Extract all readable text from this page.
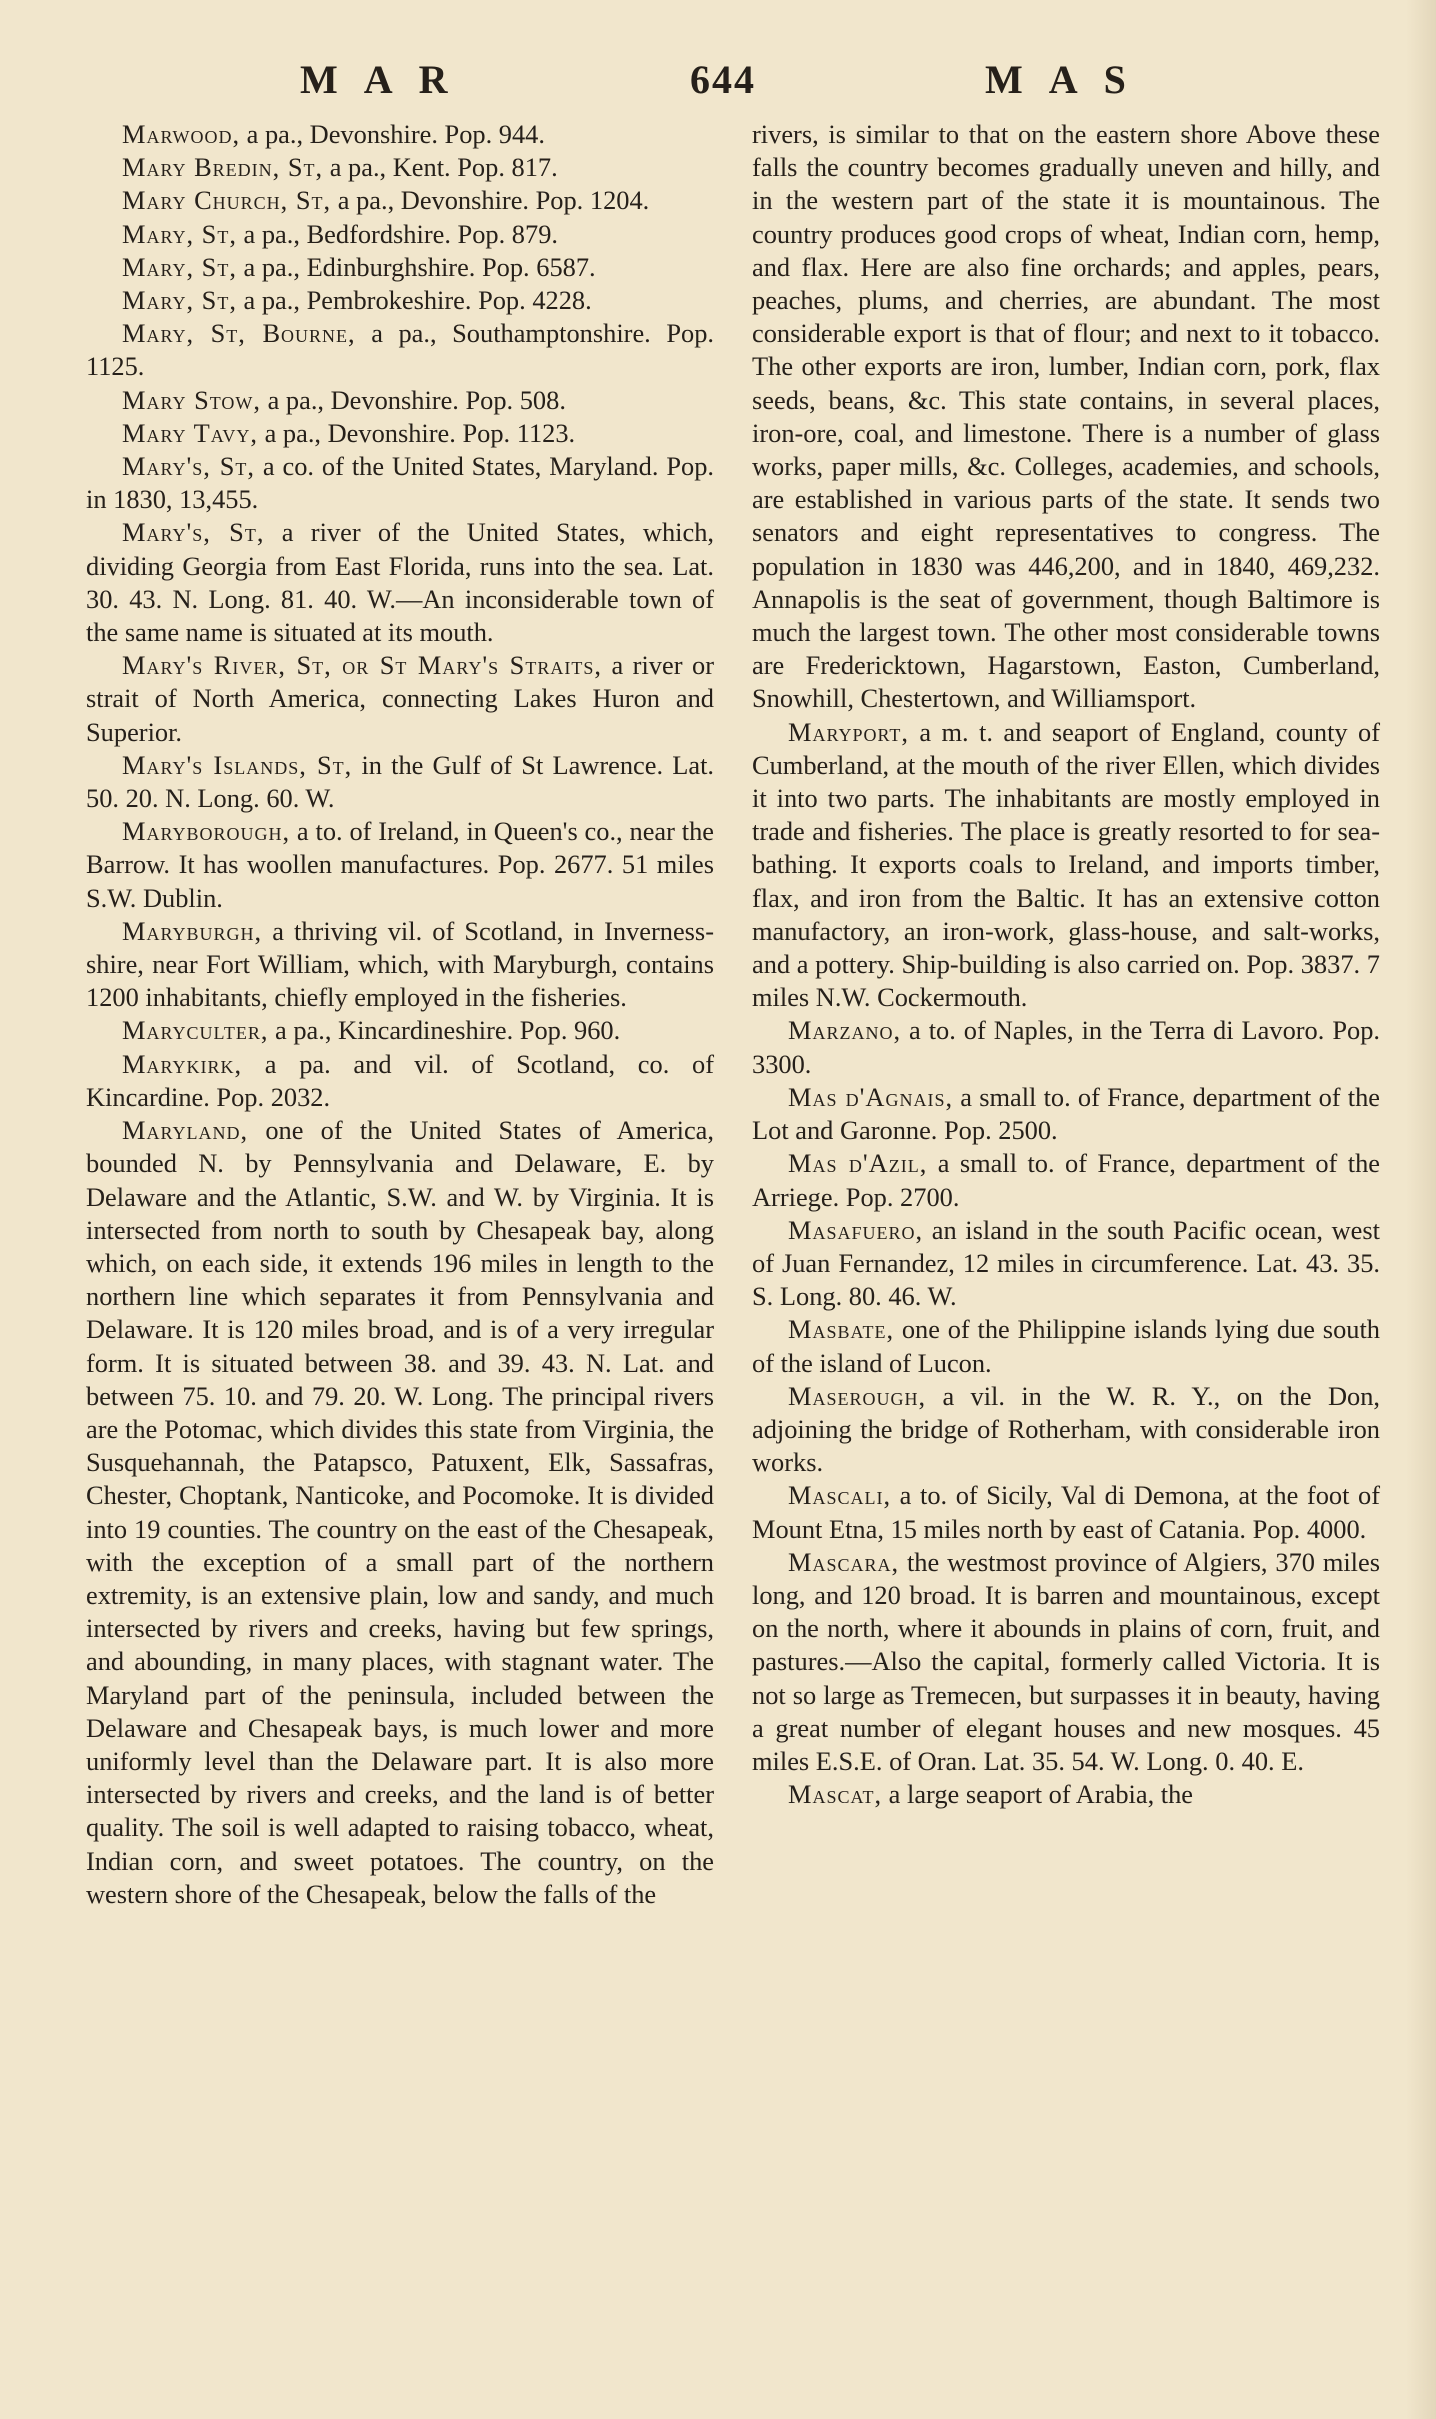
MAR	644	MAS

Marwood, a pa., Devonshire. Pop. 944.

Mary Bredin, St, a pa., Kent. Pop. 817.

Mary Church, St, a pa., Devonshire. Pop. 1204.

Mary, St, a pa., Bedfordshire. Pop. 879.

Mary, St, a pa., Edinburghshire. Pop. 6587.

Mary, St, a pa., Pembrokeshire. Pop. 4228.

Mary, St, Bourne, a pa., Southamptonshire. Pop. 1125.

Mary Stow, a pa., Devonshire. Pop. 508.

Mary Tavy, a pa., Devonshire. Pop. 1123.

Mary's, St, a co. of the United States, Maryland. Pop. in 1830, 13,455.

Mary's, St, a river of the United States, which, dividing Georgia from East Florida, runs into the sea. Lat. 30. 43. N. Long. 81. 40. W.—An inconsiderable town of the same name is situated at its mouth.

Mary's River, St, or St Mary's Straits, a river or strait of North America, connecting Lakes Huron and Superior.

Mary's Islands, St, in the Gulf of St Lawrence. Lat. 50. 20. N. Long. 60. W.

Maryborough, a to. of Ireland, in Queen's co., near the Barrow. It has woollen manufactures. Pop. 2677. 51 miles S.W. Dublin.

Maryburgh, a thriving vil. of Scotland, in Inverness-shire, near Fort William, which, with Maryburgh, contains 1200 inhabitants, chiefly employed in the fisheries.

Maryculter, a pa., Kincardineshire. Pop. 960.

Marykirk, a pa. and vil. of Scotland, co. of Kincardine. Pop. 2032.

Maryland, one of the United States of America, bounded N. by Pennsylvania and Delaware, E. by Delaware and the Atlantic, S.W. and W. by Virginia. It is intersected from north to south by Chesapeak bay, along which, on each side, it extends 196 miles in length to the northern line which separates it from Pennsylvania and Delaware. It is 120 miles broad, and is of a very irregular form. It is situated between 38. and 39. 43. N. Lat. and between 75. 10. and 79. 20. W. Long. The principal rivers are the Potomac, which divides this state from Virginia, the Susquehannah, the Patapsco, Patuxent, Elk, Sassafras, Chester, Choptank, Nanticoke, and Pocomoke. It is divided into 19 counties. The country on the east of the Chesapeak, with the exception of a small part of the northern extremity, is an extensive plain, low and sandy, and much intersected by rivers and creeks, having but few springs, and abounding, in many places, with stagnant water. The Maryland part of the peninsula, included between the Delaware and Chesapeak bays, is much lower and more uniformly level than the Delaware part. It is also more intersected by rivers and creeks, and the land is of better quality. The soil is well adapted to raising tobacco, wheat, Indian corn, and sweet potatoes. The country, on the western shore of the Chesapeak, below the falls of the

rivers, is similar to that on the eastern shore Above these falls the country becomes gradually uneven and hilly, and in the western part of the state it is mountainous. The country produces good crops of wheat, Indian corn, hemp, and flax. Here are also fine orchards; and apples, pears, peaches, plums, and cherries, are abundant. The most considerable export is that of flour; and next to it tobacco. The other exports are iron, lumber, Indian corn, pork, flax seeds, beans, &c. This state contains, in several places, iron-ore, coal, and limestone. There is a number of glass works, paper mills, &c. Colleges, academies, and schools, are established in various parts of the state. It sends two senators and eight representatives to congress. The population in 1830 was 446,200, and in 1840, 469,232. Annapolis is the seat of government, though Baltimore is much the largest town. The other most considerable towns are Fredericktown, Hagarstown, Easton, Cumberland, Snowhill, Chestertown, and Williamsport.

Maryport, a m. t. and seaport of England, county of Cumberland, at the mouth of the river Ellen, which divides it into two parts. The inhabitants are mostly employed in trade and fisheries. The place is greatly resorted to for sea-bathing. It exports coals to Ireland, and imports timber, flax, and iron from the Baltic. It has an extensive cotton manufactory, an iron-work, glass-house, and salt-works, and a pottery. Ship-building is also carried on. Pop. 3837. 7 miles N.W. Cockermouth.

Marzano, a to. of Naples, in the Terra di Lavoro. Pop. 3300.

Mas d'Agnais, a small to. of France, department of the Lot and Garonne. Pop. 2500.

Mas d'Azil, a small to. of France, department of the Arriege. Pop. 2700.

Masafuero, an island in the south Pacific ocean, west of Juan Fernandez, 12 miles in circumference. Lat. 43. 35. S. Long. 80. 46. W.

Masbate, one of the Philippine islands lying due south of the island of Lucon.

Maserough, a vil. in the W. R. Y., on the Don, adjoining the bridge of Rotherham, with considerable iron works.

Mascali, a to. of Sicily, Val di Demona, at the foot of Mount Etna, 15 miles north by east of Catania. Pop. 4000.

Mascara, the westmost province of Algiers, 370 miles long, and 120 broad. It is barren and mountainous, except on the north, where it abounds in plains of corn, fruit, and pastures.—Also the capital, formerly called Victoria. It is not so large as Tremecen, but surpasses it in beauty, having a great number of elegant houses and new mosques. 45 miles E.S.E. of Oran. Lat. 35. 54. W. Long. 0. 40. E.

Mascat, a large seaport of Arabia, the
